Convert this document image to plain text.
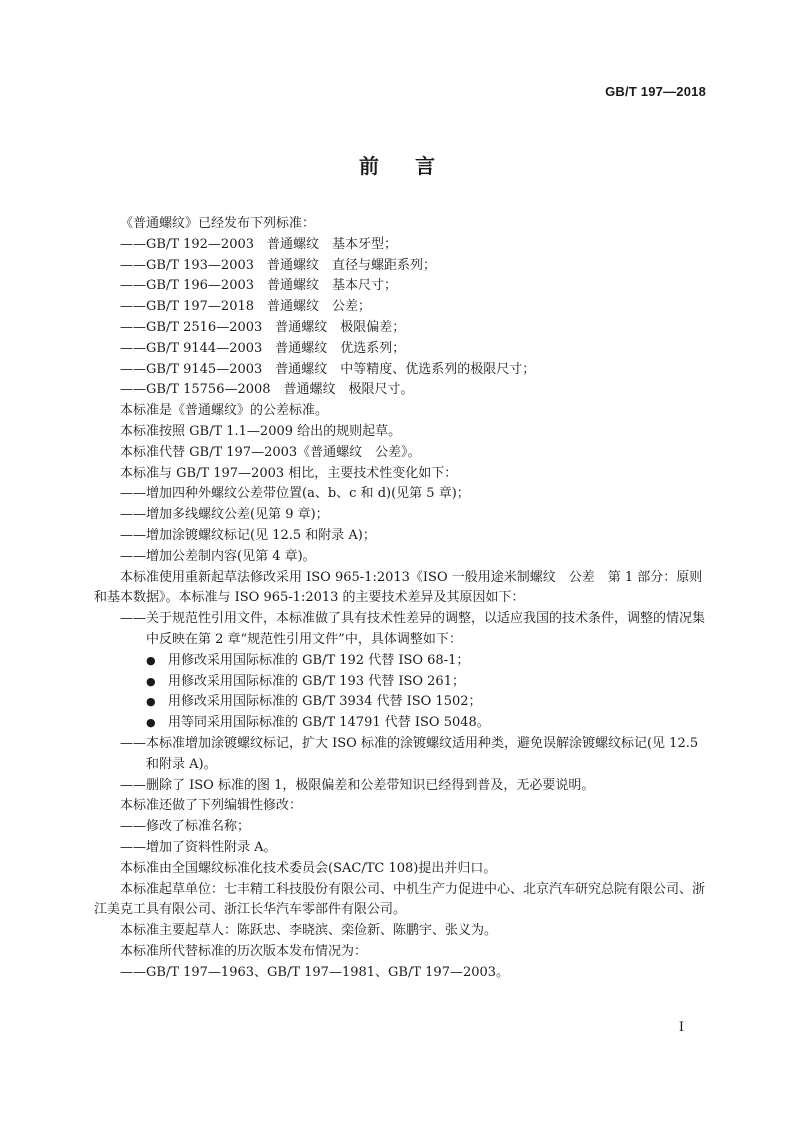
GB/T 197—2018
前言

《普通螺纹》已经发布下列标准：

——GB/T 192—2003　普通螺纹　基本牙型；

——GB/T 193—2003　普通螺纹　直径与螺距系列；

——GB/T 196—2003　普通螺纹　基本尺寸；

——GB/T 197—2018　普通螺纹　公差；

——GB/T 2516—2003　普通螺纹　极限偏差；

——GB/T 9144—2003　普通螺纹　优选系列；

——GB/T 9145—2003　普通螺纹　中等精度、优选系列的极限尺寸；

——GB/T 15756—2008　普通螺纹　极限尺寸。

本标准是《普通螺纹》的公差标准。

本标准按照 GB/T 1.1—2009 给出的规则起草。

本标准代替 GB/T 197—2003《普通螺纹　公差》。

本标准与 GB/T 197—2003 相比，主要技术性变化如下：

——增加四种外螺纹公差带位置(a、b、c 和 d)(见第 5 章)；

——增加多线螺纹公差(见第 9 章)；

——增加涂镀螺纹标记(见 12.5 和附录 A)；

——增加公差制内容(见第 4 章)。

本标准使用重新起草法修改采用 ISO 965-1:2013《ISO 一般用途米制螺纹　公差　第 1 部分：原则和基本数据》。本标准与 ISO 965-1:2013 的主要技术差异及其原因如下：

——关于规范性引用文件，本标准做了具有技术性差异的调整，以适应我国的技术条件，调整的情况集中反映在第 2 章“规范性引用文件”中，具体调整如下：

● 用修改采用国际标准的 GB/T 192 代替 ISO 68-1；
● 用修改采用国际标准的 GB/T 193 代替 ISO 261；
● 用修改采用国际标准的 GB/T 3934 代替 ISO 1502；
● 用等同采用国际标准的 GB/T 14791 代替 ISO 5048。

——本标准增加涂镀螺纹标记，扩大 ISO 标准的涂镀螺纹适用种类，避免误解涂镀螺纹标记(见 12.5 和附录 A)。

——删除了 ISO 标准的图 1，极限偏差和公差带知识已经得到普及，无必要说明。

本标准还做了下列编辑性修改：

——修改了标准名称；

——增加了资料性附录 A。

本标准由全国螺纹标准化技术委员会(SAC/TC 108)提出并归口。

本标准起草单位：七丰精工科技股份有限公司、中机生产力促进中心、北京汽车研究总院有限公司、浙江美克工具有限公司、浙江长华汽车零部件有限公司。

本标准主要起草人：陈跃忠、李晓滨、栾俭新、陈鹏宇、张义为。

本标准所代替标准的历次版本发布情况为：

——GB/T 197—1963、GB/T 197—1981、GB/T 197—2003。

I
